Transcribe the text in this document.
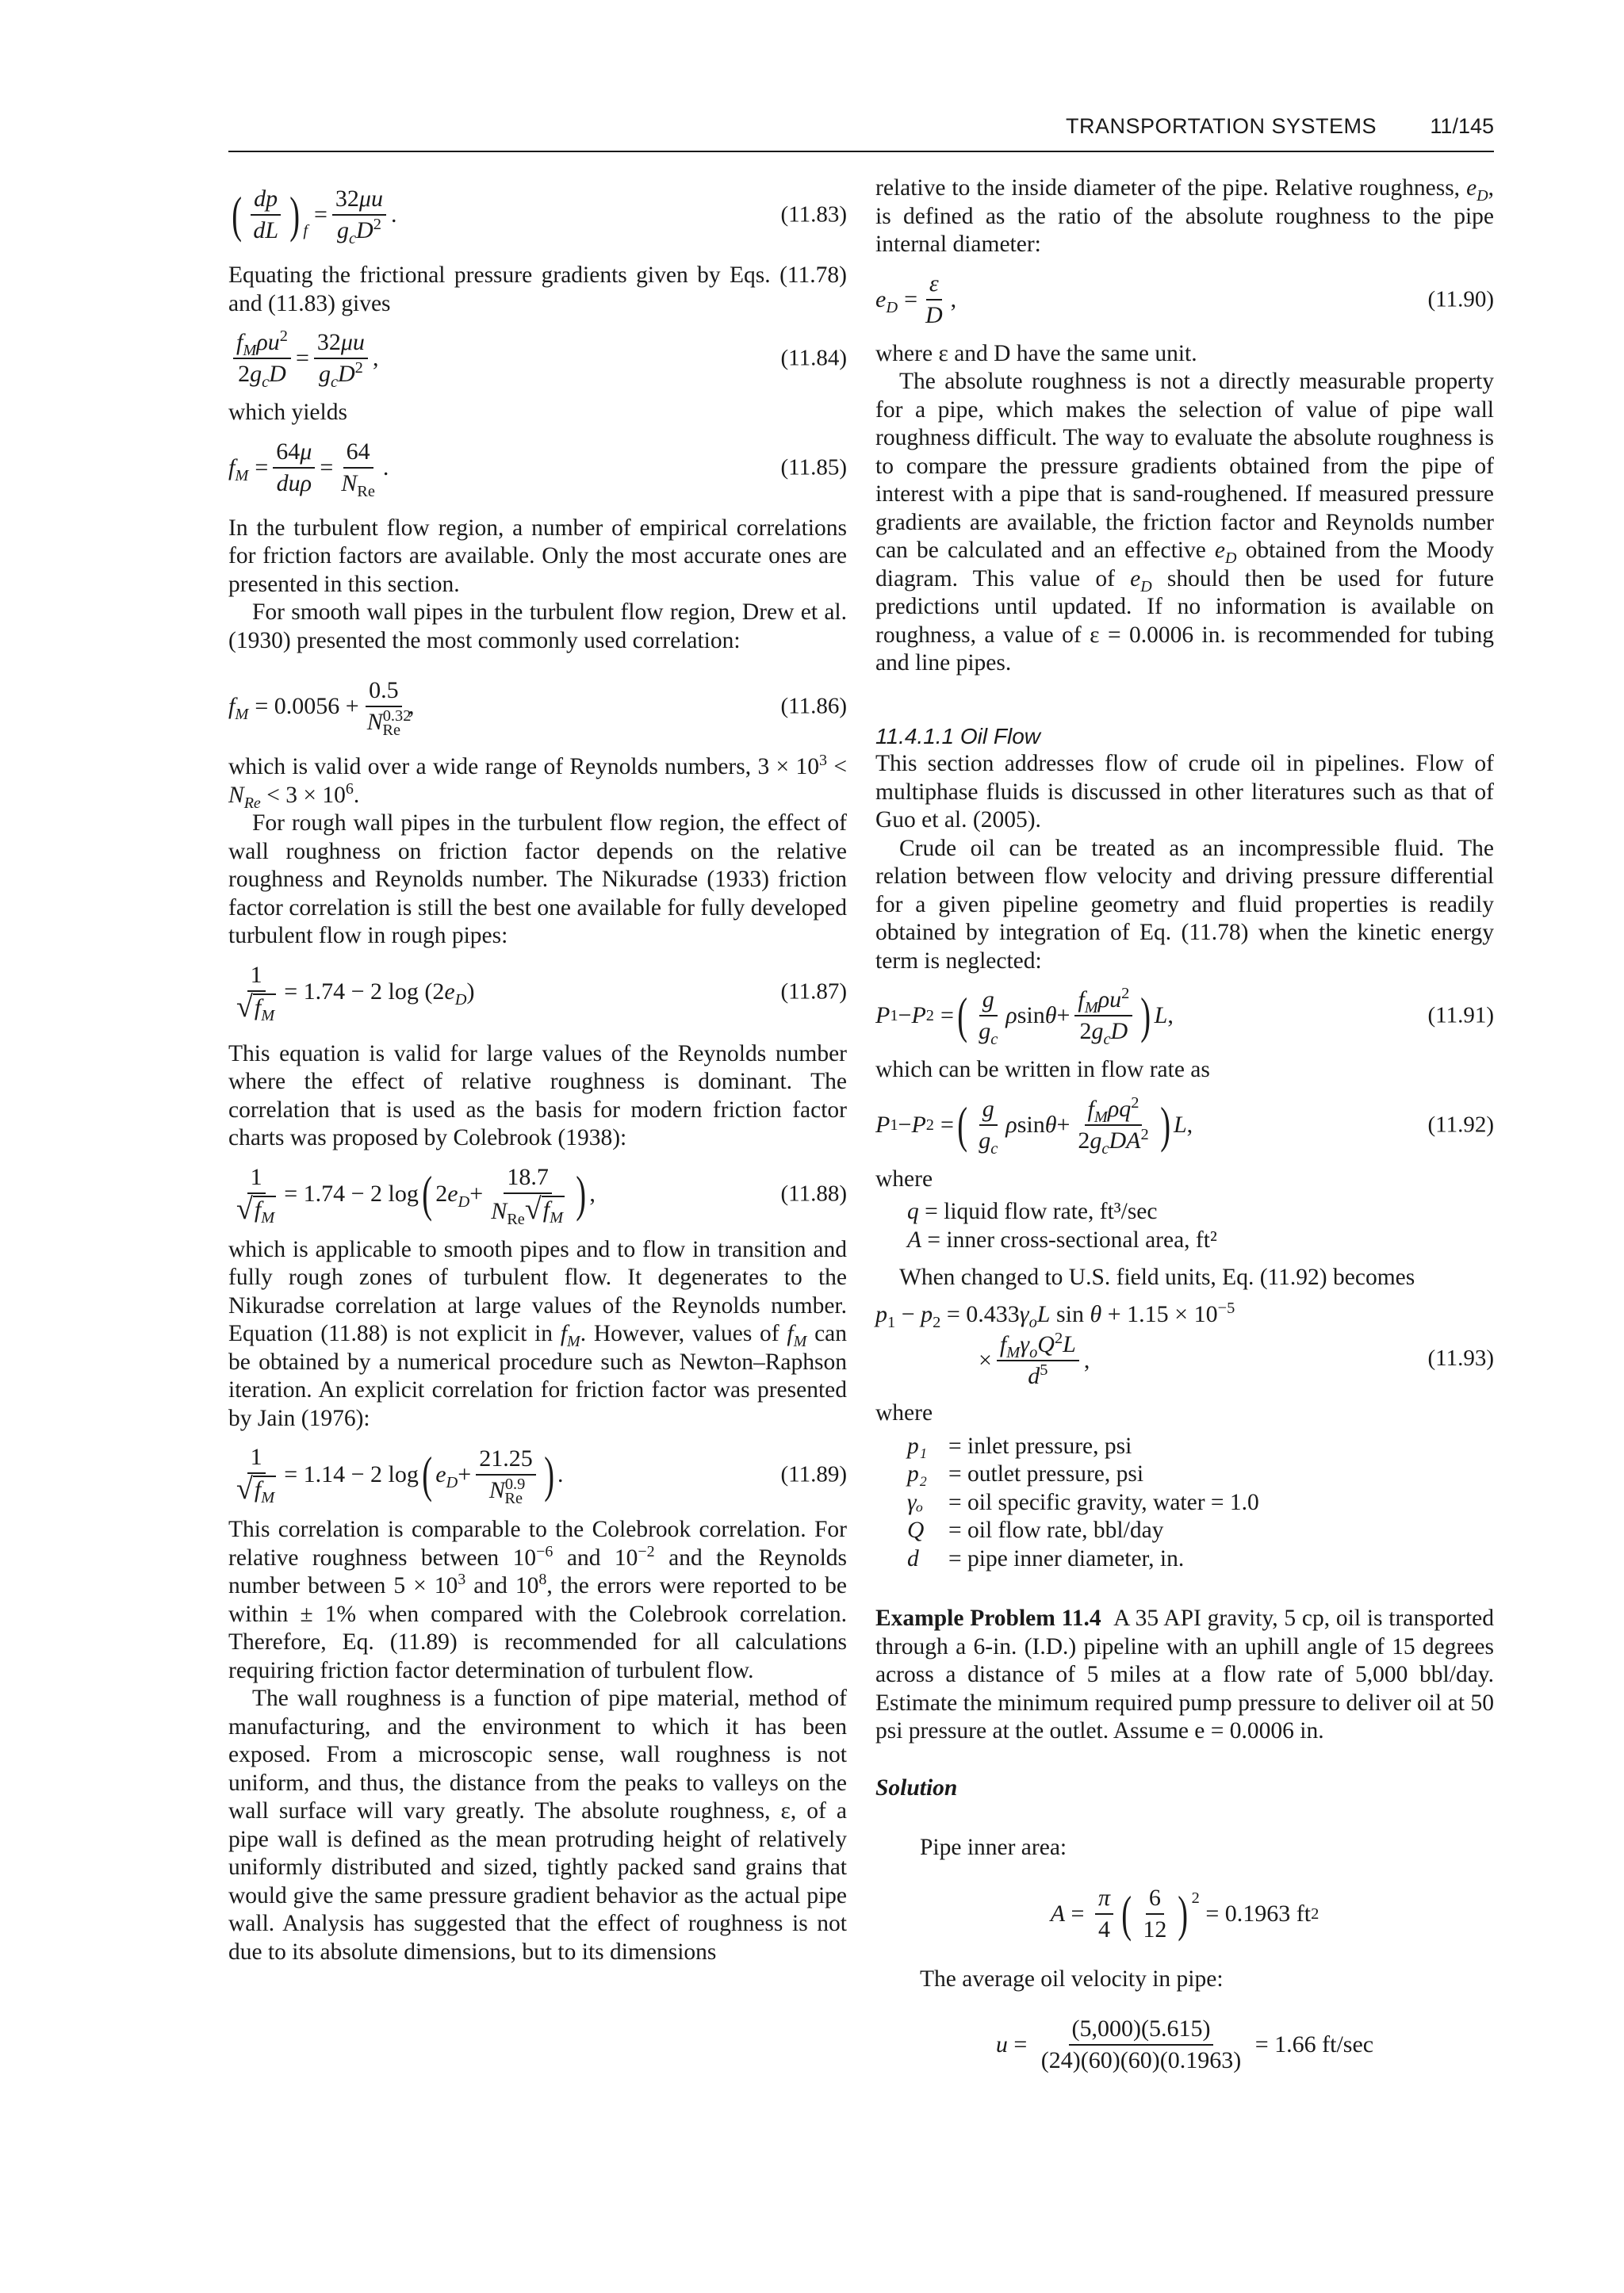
TRANSPORTATION SYSTEMS 11/145
( $\frac{dp}{dL}$ ) f
= $\frac{32\mu u}{g_cD^2}$ .	(11.83)

Equating the frictional pressure gradients given by Eqs. (11.78) and (11.83) gives

$\frac{f_M\rho u^2}{2g_cD} = \frac{32\mu u}{g_cD^2}$ ,	(11.84)

which yields

$f_M = \frac{64\mu}{\text{duρ}} = \frac{64}{N_{Re}}$ .	(11.85)

In the turbulent flow region, a number of empirical correlations for friction factors are available. Only the most accurate ones are presented in this section.

For smooth wall pipes in the turbulent flow region, Drew et al. (1930) presented the most commonly used correlation:

$f_M = 0.0056 + \frac{0.5}{N^{0.32}_{Re}}$ ,	(11.86)

which is valid over a wide range of Reynolds numbers, $3 \times 10^3 < N_{Re} < 3 \times 10^6$.

For rough wall pipes in the turbulent flow region, the effect of wall roughness on friction factor depends on the relative roughness and Reynolds number. The Nikuradse (1933) friction factor correlation is still the best one available for fully developed turbulent flow in rough pipes:

$\frac{1}{√ f_M} = 1.74 - 2$ log (2 $e_D$ )	(11.87)

This equation is valid for large values of the Reynolds number where the effect of relative roughness is dominant. The correlation that is used as the basis for modern friction factor charts was proposed by Colebrook (1938):

$\frac{1}{√ f_M} = 1.74 - 2$ log ( 2 $e_D + \frac{18.7}{N_{Re} √ f_M}$ ) ,	(11.88)

which is applicable to smooth pipes and to flow in transition and fully rough zones of turbulent flow. It degenerates to the Nikuradse correlation at large values of the Reynolds number. Equation (11.88) is not explicit in $f_M$. However, values of $f_M$ can be obtained by a numerical procedure such as Newton–Raphson iteration. An explicit correlation for friction factor was presented by Jain (1976):

$\frac{1}{√ f_M} = 1.14 - 2$ log ( $e_D + \frac{21.25}{N^{0.9}_{Re}}$ ) .	(11.89)

This correlation is comparable to the Colebrook correlation. For relative roughness between $10^{-6}$ and $10^{-2}$ and the Reynolds number between $5 \times 10^3$ and $10^8$, the errors were reported to be within ± 1% when compared with the Colebrook correlation. Therefore, Eq. (11.89) is recommended for all calculations requiring friction factor determination of turbulent flow.

The wall roughness is a function of pipe material, method of manufacturing, and the environment to which it has been exposed. From a microscopic sense, wall roughness is not uniform, and thus, the distance from the peaks to valleys on the wall surface will vary greatly. The absolute roughness, ε, of a pipe wall is defined as the mean protruding height of relatively uniformly distributed and sized, tightly packed sand grains that would give the same pressure gradient behavior as the actual pipe wall. Analysis has suggested that the effect of roughness is not due to its absolute dimensions, but to its dimensions

relative to the inside diameter of the pipe. Relative roughness, $e_D$, is defined as the ratio of the absolute roughness to the pipe internal diameter:

$e_D = \frac{\varepsilon}{D}$ ,	(11.90)

where ε and D have the same unit.

The absolute roughness is not a directly measurable property for a pipe, which makes the selection of value of pipe wall roughness difficult. The way to evaluate the absolute roughness is to compare the pressure gradients obtained from the pipe of interest with a pipe that is sand-roughened. If measured pressure gradients are available, the friction factor and Reynolds number can be calculated and an effective $e_D$ obtained from the Moody diagram. This value of $e_D$ should then be used for future predictions until updated. If no information is available on roughness, a value of ε = 0.0006 in. is recommended for tubing and line pipes.

11.4.1.1 Oil Flow

This section addresses flow of crude oil in pipelines. Flow of multiphase fluids is discussed in other literatures such as that of Guo et al. (2005).

Crude oil can be treated as an incompressible fluid. The relation between flow velocity and driving pressure differential for a given pipeline geometry and fluid properties is readily obtained by integration of Eq. (11.78) when the kinetic energy term is neglected:

P 1 − P 2 = ( $\frac{g}{g_c}$ ρ $\sin \theta + \frac{f_M\rho u^2}{2g_cD}$ ) L ,	(11.91)

which can be written in flow rate as

P 1 − P 2 = ( $\frac{g}{g_c}$ ρ $\sin \theta + \frac{f_M\rho q^2}{2g_cDA^2}$ ) L ,	(11.92)

where

q = liquid flow rate, ft³/sec
A = inner cross-sectional area, ft²

When changed to U.S. field units, Eq. (11.92) becomes

$p_1 - p_2 = 0.433\gamma_oL$ $\sin \theta + 1.15 \times 10^{-5}$
× $\frac{f_M\gamma_oQ^2L}{d^5}$ ,	(11.93)

where

p₁ = inlet pressure, psi
p₂ = outlet pressure, psi
γₒ	= oil specific gravity, water = 1.0
Q	= oil flow rate, bbl/day
d	= pipe inner diameter, in.

Example Problem 11.4 A 35 API gravity, 5 cp, oil is transported through a 6-in. (I.D.) pipeline with an uphill angle of 15 degrees across a distance of 5 miles at a flow rate of 5,000 bbl/day. Estimate the minimum required pump pressure to deliver oil at 50 psi pressure at the outlet. Assume e = 0.0006 in.

Solution

Pipe inner area:

$A = \frac{\pi}{4}$ ( $\frac{6}{12}$ ) 2
= 0.1963 ft 2

The average oil velocity in pipe:

$u = \frac{(5,000)(5.615)}{(24)(60)(60)(0.1963)} = 1.66$ ft/sec
